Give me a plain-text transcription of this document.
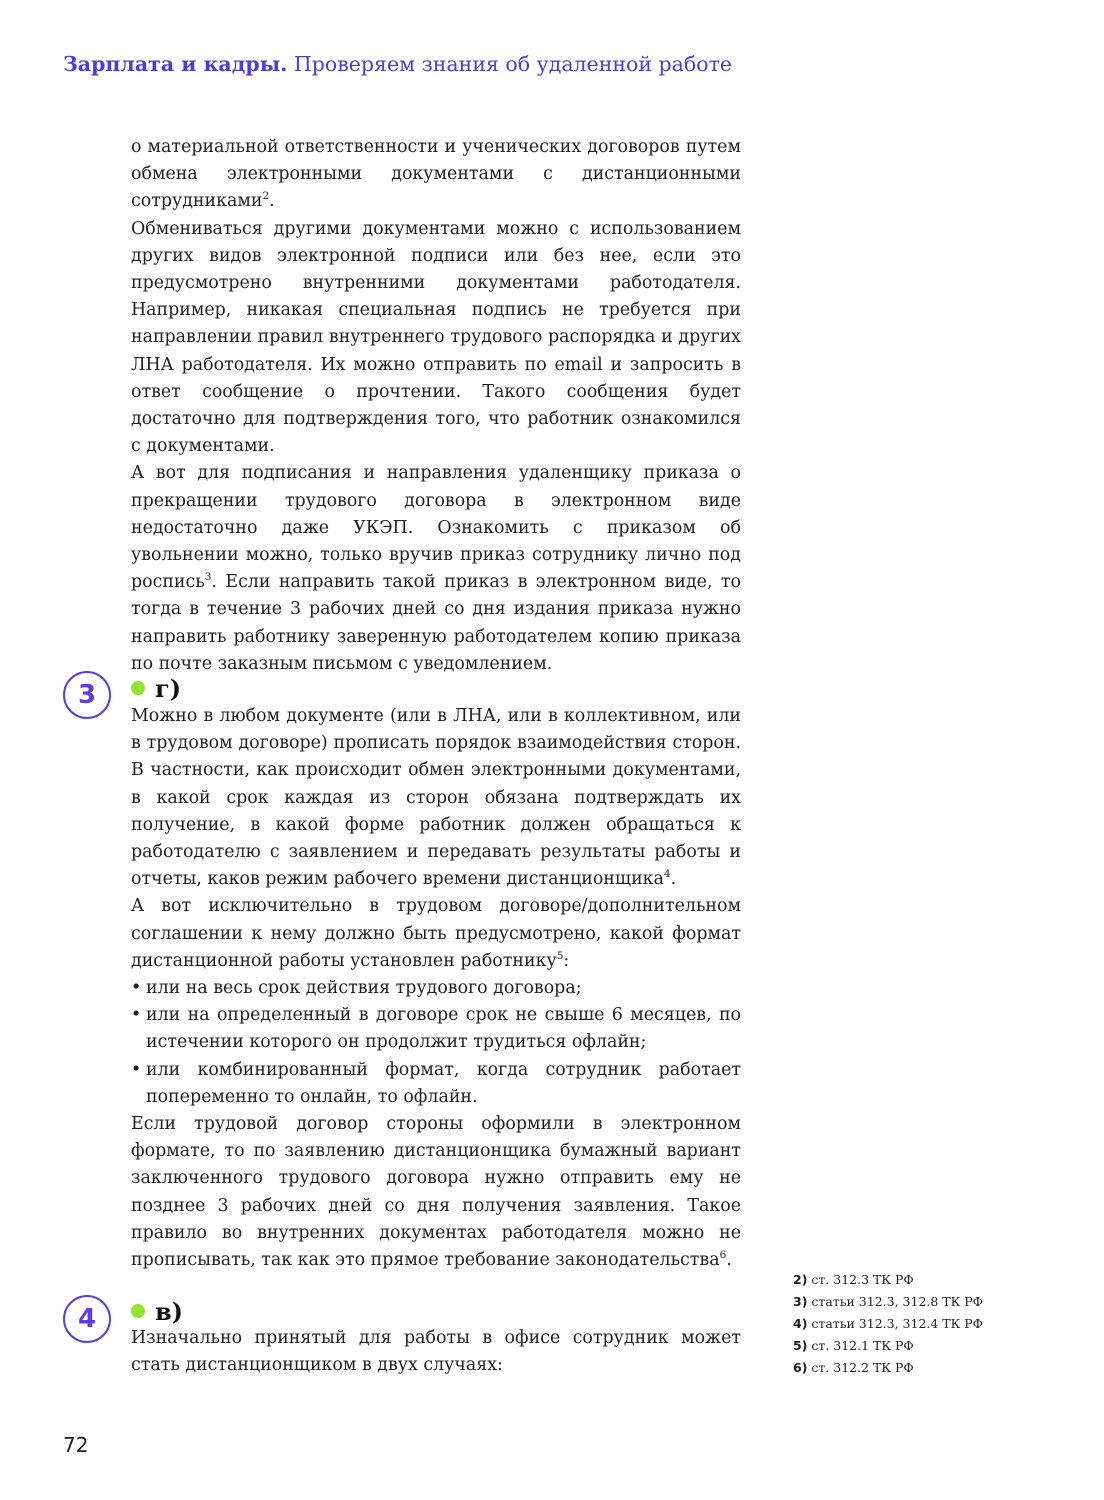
Зарплата и кадры. Проверяем знания об удаленной работе

о материальной ответственности и ученических договоров путем обмена электронными документами с дистанционными сотрудниками$^2$.

Обмениваться другими документами можно с использованием других видов электронной подписи или без нее, если это предусмотрено внутренними документами работодателя. Например, никакая специальная подпись не требуется при направлении правил внутреннего трудового распорядка и других ЛНА работодателя. Их можно отправить по email и запросить в ответ сообщение о прочтении. Такого сообщения будет достаточно для подтверждения того, что работник ознакомился с документами.

А вот для подписания и направления удаленщику приказа о прекращении трудового договора в электронном виде недостаточно даже УКЭП. Ознакомить с приказом об увольнении можно, только вручив приказ сотруднику лично под роспись$^3$. Если направить такой приказ в электронном виде, то тогда в течение 3 рабочих дней со дня издания приказа нужно направить работнику заверенную работодателем копию приказа по почте заказным письмом с уведомлением.

3	г)

Можно в любом документе (или в ЛНА, или в коллективном, или в трудовом договоре) прописать порядок взаимодействия сторон. В частности, как происходит обмен электронными документами, в какой срок каждая из сторон обязана подтверждать их получение, в какой форме работник должен обращаться к работодателю с заявлением и передавать результаты работы и отчеты, каков режим рабочего времени дистанционщика$^4$.

А вот исключительно в трудовом договоре/дополнительном соглашении к нему должно быть предусмотрено, какой формат дистанционной работы установлен работнику$^5$:

• или на весь срок действия трудового договора;
• или на определенный в договоре срок не свыше 6 месяцев, по истечении которого он продолжит трудиться офлайн;
• или комбинированный формат, когда сотрудник работает попеременно то онлайн, то офлайн.

Если трудовой договор стороны оформили в электронном формате, то по заявлению дистанционщика бумажный вариант заключенного трудового договора нужно отправить ему не позднее 3 рабочих дней со дня получения заявления. Такое правило во внутренних документах работодателя можно не прописывать, так как это прямое требование законодательства$^6$.

4	в)

Изначально принятый для работы в офисе сотрудник может стать дистанционщиком в двух случаях:

2) ст. 312.3 ТК РФ
3) статьи 312.3, 312.8 ТК РФ
4) статьи 312.3, 312.4 ТК РФ
5) ст. 312.1 ТК РФ
6) ст. 312.2 ТК РФ
72
